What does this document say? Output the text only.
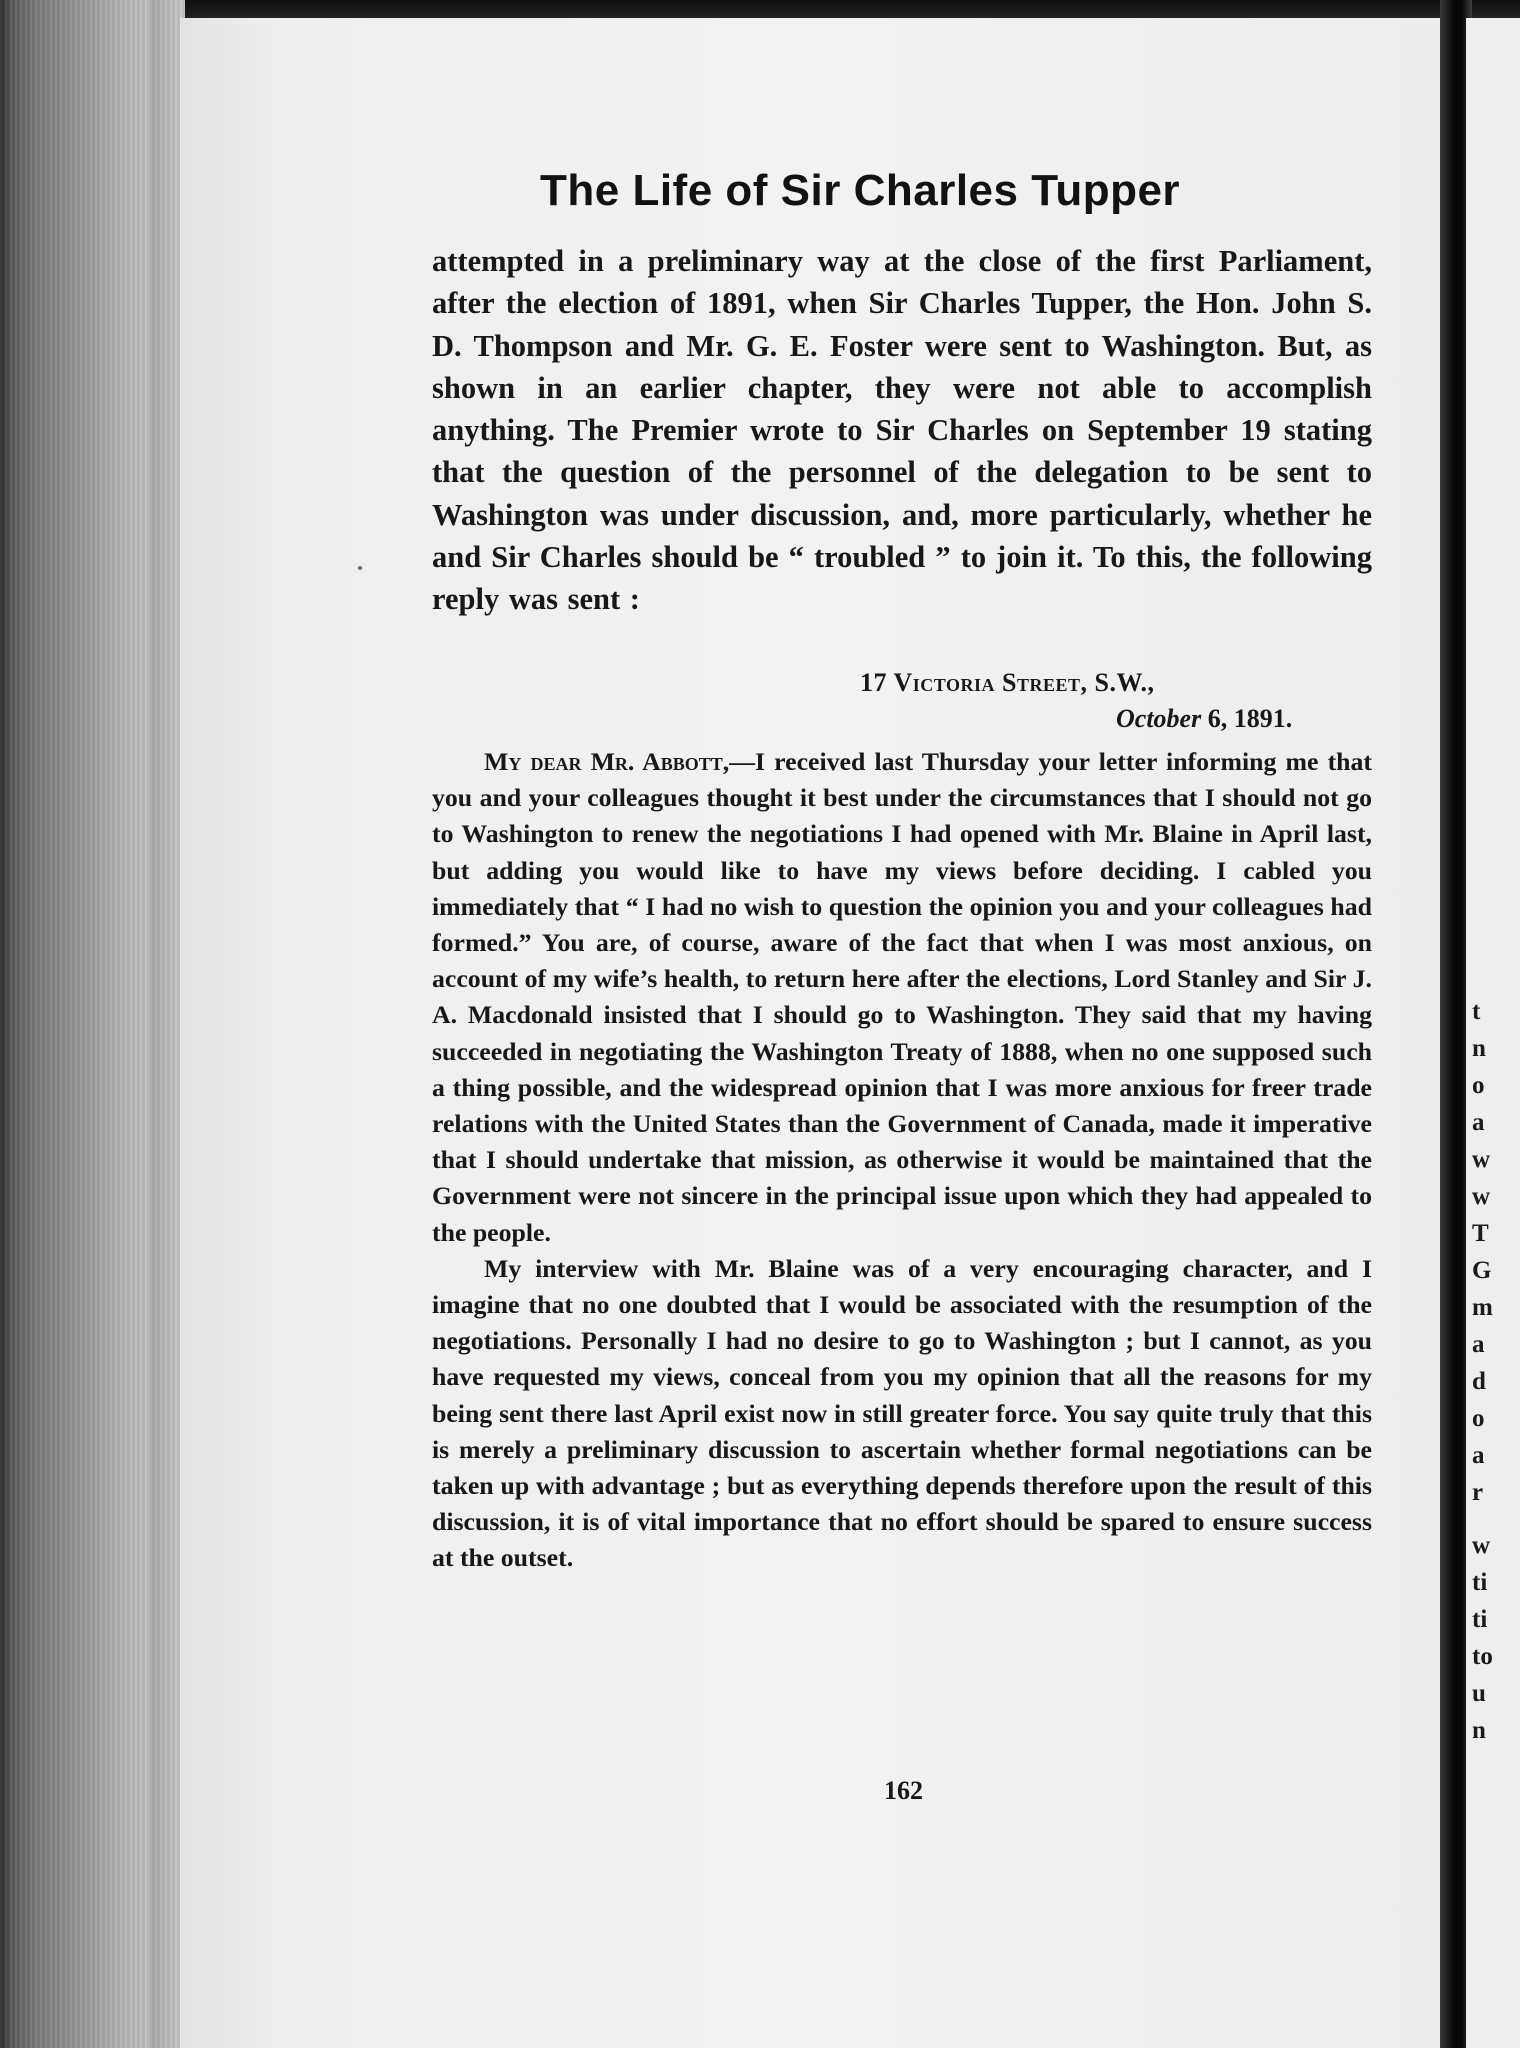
The Life of Sir Charles Tupper
attempted in a preliminary way at the close of the first Parliament, after the election of 1891, when Sir Charles Tupper, the Hon. John S. D. Thompson and Mr. G. E. Foster were sent to Washington. But, as shown in an earlier chapter, they were not able to accomplish anything. The Premier wrote to Sir Charles on September 19 stating that the question of the personnel of the delegation to be sent to Washington was under discussion, and, more particularly, whether he and Sir Charles should be “ troubled ” to join it. To this, the following reply was sent :
17 Victoria Street, S.W.,
October 6, 1891.

My dear Mr. Abbott,—I received last Thursday your letter informing me that you and your colleagues thought it best under the circumstances that I should not go to Washington to renew the negotiations I had opened with Mr. Blaine in April last, but adding you would like to have my views before deciding. I cabled you immediately that “ I had no wish to question the opinion you and your colleagues had formed.” You are, of course, aware of the fact that when I was most anxious, on account of my wife’s health, to return here after the elections, Lord Stanley and Sir J. A. Macdonald insisted that I should go to Washington. They said that my having succeeded in negotiating the Washington Treaty of 1888, when no one supposed such a thing possible, and the widespread opinion that I was more anxious for freer trade relations with the United States than the Government of Canada, made it imperative that I should undertake that mission, as otherwise it would be maintained that the Government were not sincere in the principal issue upon which they had appealed to the people.

My interview with Mr. Blaine was of a very encouraging character, and I imagine that no one doubted that I would be associated with the resumption of the negotiations. Personally I had no desire to go to Washington ; but I cannot, as you have requested my views, conceal from you my opinion that all the reasons for my being sent there last April exist now in still greater force. You say quite truly that this is merely a preliminary discussion to ascertain whether formal negotiations can be taken up with advantage ; but as everything depends therefore upon the result of this discussion, it is of vital importance that no effort should be spared to ensure success at the outset.

162
t
n
o
a
w
w
T
G
m
a
d
o
a
r
w
ti
ti
to
u
n
